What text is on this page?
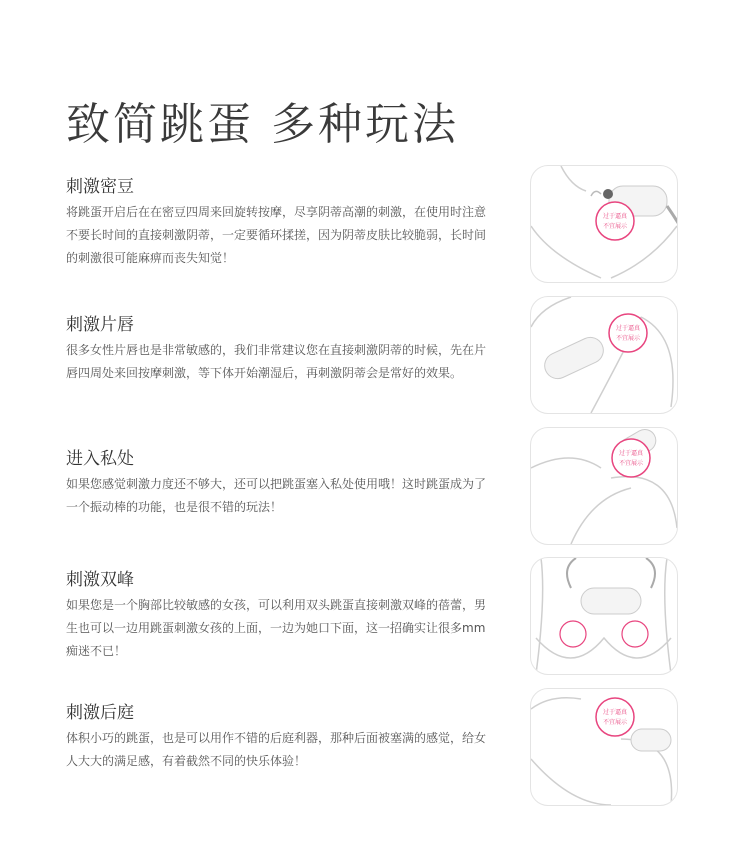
致简跳蛋 多种玩法
刺激密豆

将跳蛋开启后在在密豆四周来回旋转按摩，尽享阴蒂高潮的刺激，在使用时注意不要长时间的直接刺激阴蒂，一定要循环揉搓，因为阴蒂皮肤比较脆弱，长时间的刺激很可能麻痹而丧失知觉！

过于逼真
不宜展示
刺激片唇

很多女性片唇也是非常敏感的，我们非常建议您在直接刺激阴蒂的时候，先在片唇四周处来回按摩刺激，等下体开始潮湿后，再刺激阴蒂会是常好的效果。

过于逼真
不宜展示
进入私处

如果您感觉刺激力度还不够大，还可以把跳蛋塞入私处使用哦！这时跳蛋成为了一个振动棒的功能，也是很不错的玩法！

过于逼真
不宜展示
刺激双峰

如果您是一个胸部比较敏感的女孩，可以利用双头跳蛋直接刺激双峰的蓓蕾，男生也可以一边用跳蛋刺激女孩的上面，一边为她口下面，这一招确实让很多mm痴迷不已！

刺激后庭

体积小巧的跳蛋，也是可以用作不错的后庭利器，那种后面被塞满的感觉，给女人大大的满足感，有着截然不同的快乐体验！

过于逼真
不宜展示
